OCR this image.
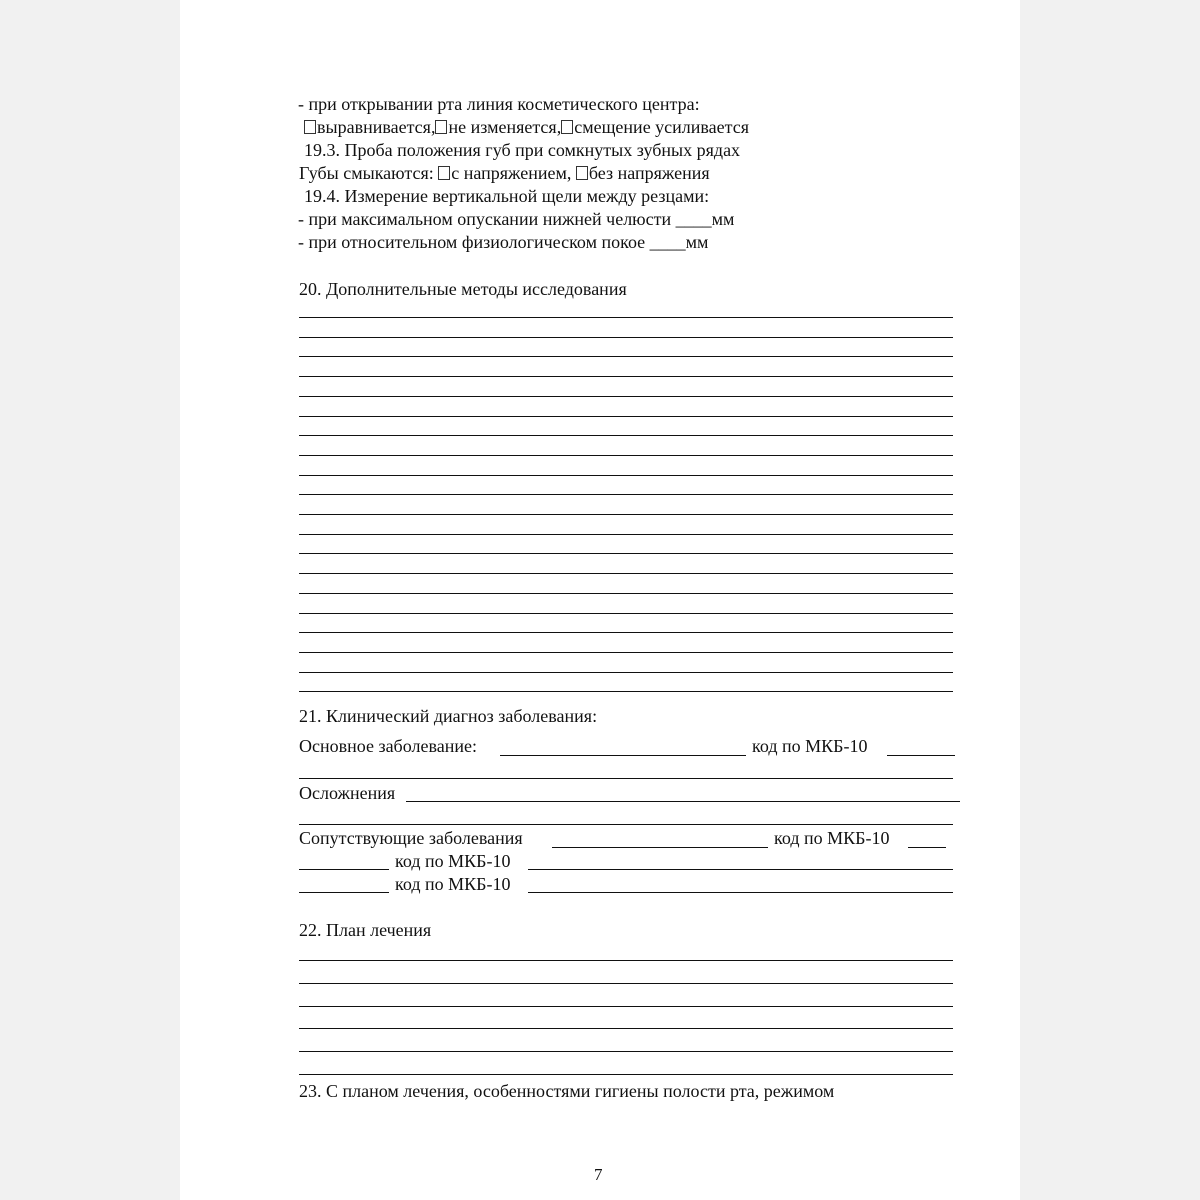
- при открывании рта линия косметического центра:
выравнивается, не изменяется, смещение усиливается
19.3. Проба положения губ при сомкнутых зубных рядах
Губы смыкаются: с напряжением, без напряжения
19.4. Измерение вертикальной щели между резцами:
- при максимальном опускании нижней челюсти ____мм
- при относительном физиологическом покое ____мм
20. Дополнительные методы исследования
21. Клинический диагноз заболевания:
Основное заболевание:	код по МКБ-10
Осложнения
Сопутствующие заболевания	код по МКБ-10
код по МКБ-10
код по МКБ-10
22. План лечения
23. С планом лечения, особенностями гигиены полости рта, режимом
7
